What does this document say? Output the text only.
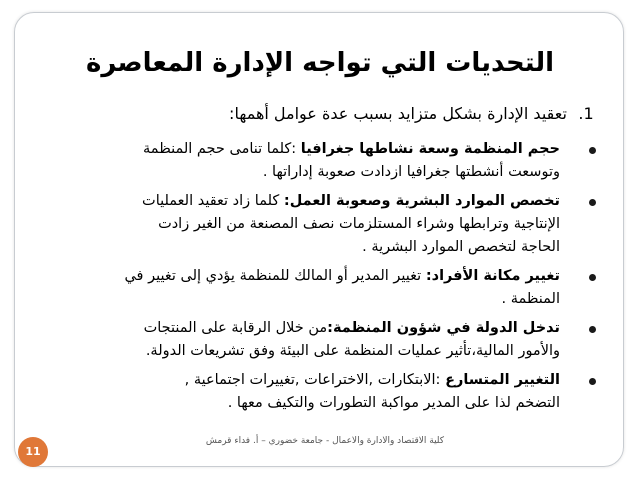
التحديات التي تواجه الإدارة المعاصرة
1. تعقيد الإدارة بشكل متزايد بسبب عدة عوامل أهمها:
حجم المنظمة وسعة نشاطها جغرافيا :كلما تنامى حجم المنظمة
وتوسعت أنشطتها جغرافيا ازدادت صعوبة إداراتها .
تخصص الموارد البشرية وصعوبة العمل: كلما زاد تعقيد العمليات
الإنتاجية وترابطها وشراء المستلزمات نصف المصنعة من الغير زادت
الحاجة لتخصص الموارد البشرية .
تغيير مكانة الأفراد: تغيير المدير أو المالك للمنظمة يؤدي إلى تغيير في
المنظمة .
تدخل الدولة في شؤون المنظمة:من خلال الرقابة على المنتجات
والأمور المالية،تأثير عمليات المنظمة على البيئة وفق تشريعات الدولة.
التغيير المتسارع :الابتكارات ,الاختراعات ,تغييرات اجتماعية ,
التضخم لذا على المدير مواكبة التطورات والتكيف معها .
كلية الاقتصاد والادارة والاعمال - جامعة خضوري – أ. فداء قرمش
11
